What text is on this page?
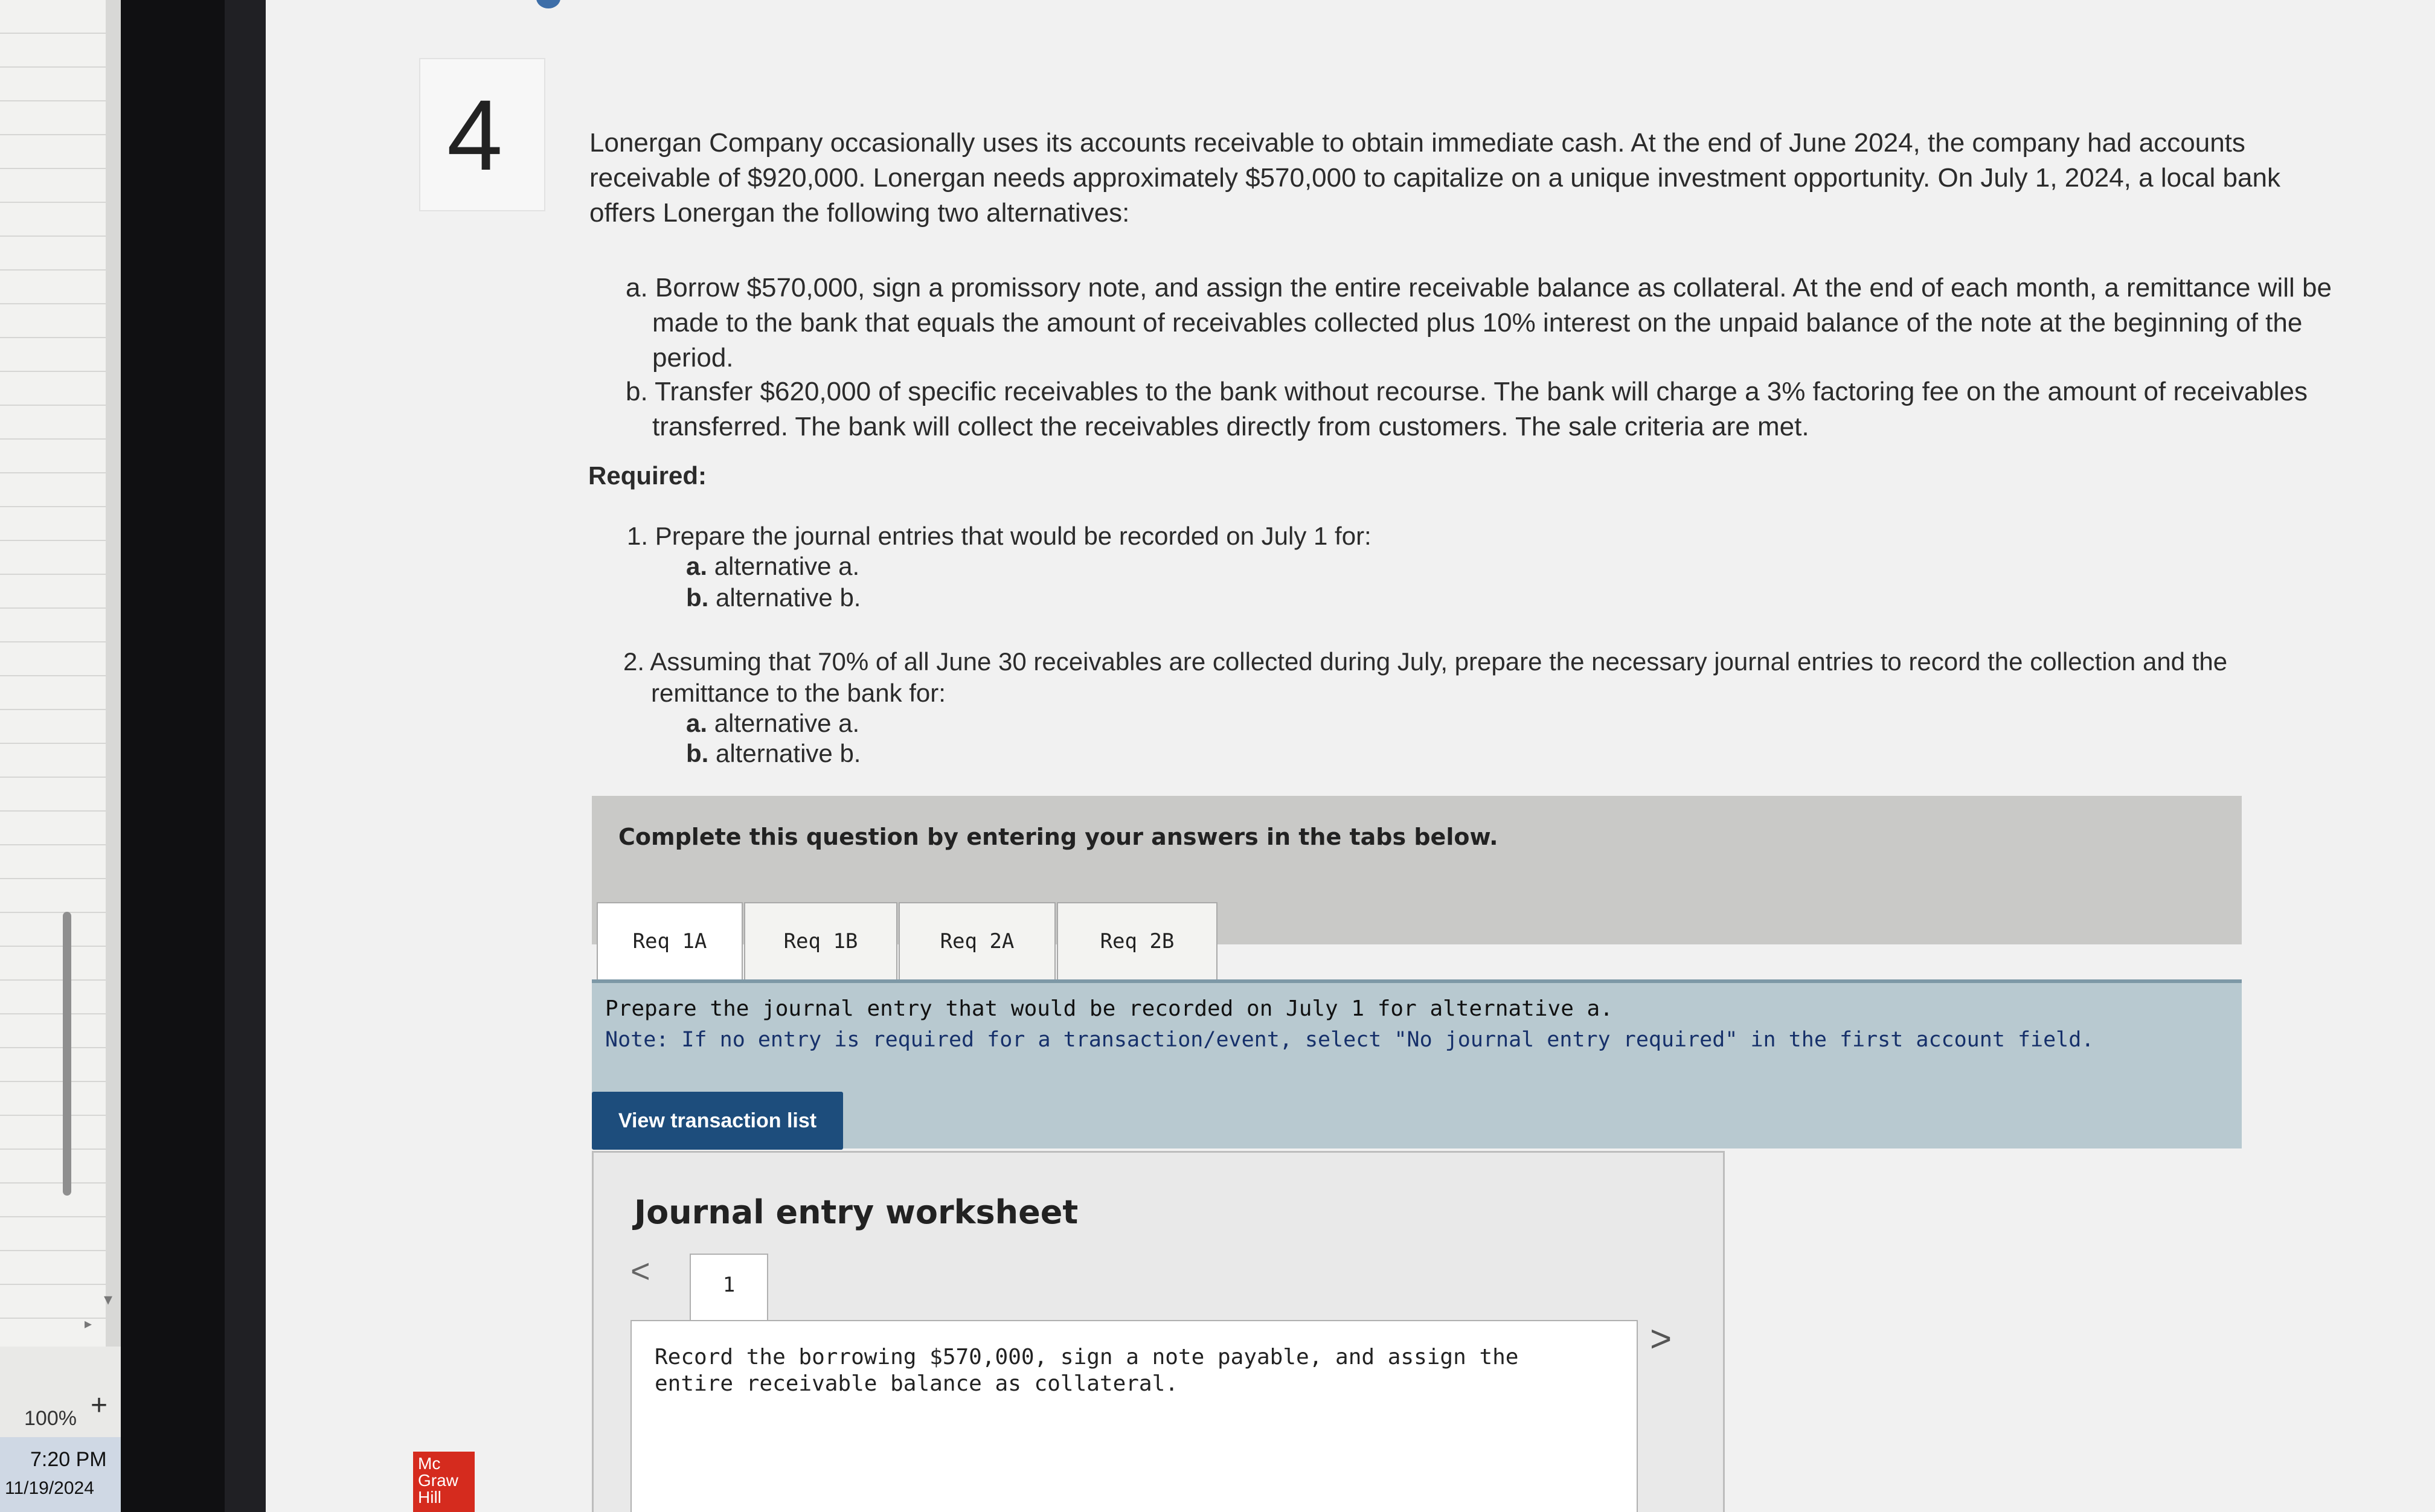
▾
▸
100% +
7:20 PM
11/19/2024
4	Lonergan Company occasionally uses its accounts receivable to obtain immediate cash. At the end of June 2024, the company had accounts receivable of $920,000. Lonergan needs approximately $570,000 to capitalize on a unique investment opportunity. On July 1, 2024, a local bank offers Lonergan the following two alternatives:
a. Borrow $570,000, sign a promissory note, and assign the entire receivable balance as collateral. At the end of each month, a remittance will be made to the bank that equals the amount of receivables collected plus 10% interest on the unpaid balance of the note at the beginning of the period.
b. Transfer $620,000 of specific receivables to the bank without recourse. The bank will charge a 3% factoring fee on the amount of receivables transferred. The bank will collect the receivables directly from customers. The sale criteria are met.
Required:
1. Prepare the journal entries that would be recorded on July 1 for:
a. alternative a.
b. alternative b.
2. Assuming that 70% of all June 30 receivables are collected during July, prepare the necessary journal entries to record the collection and the remittance to the bank for:
a. alternative a.
b. alternative b.
Complete this question by entering your answers in the tabs below.
Req 1A	Req 1B	Req 2A	Req 2B
Prepare the journal entry that would be recorded on July 1 for alternative a.
Note: If no entry is required for a transaction/event, select "No journal entry required" in the first account field.
View transaction list
Journal entry worksheet
<	1
Record the borrowing $570,000, sign a note payable, and assign the entire receivable balance as collateral.
>
Mc
Graw
Hill
